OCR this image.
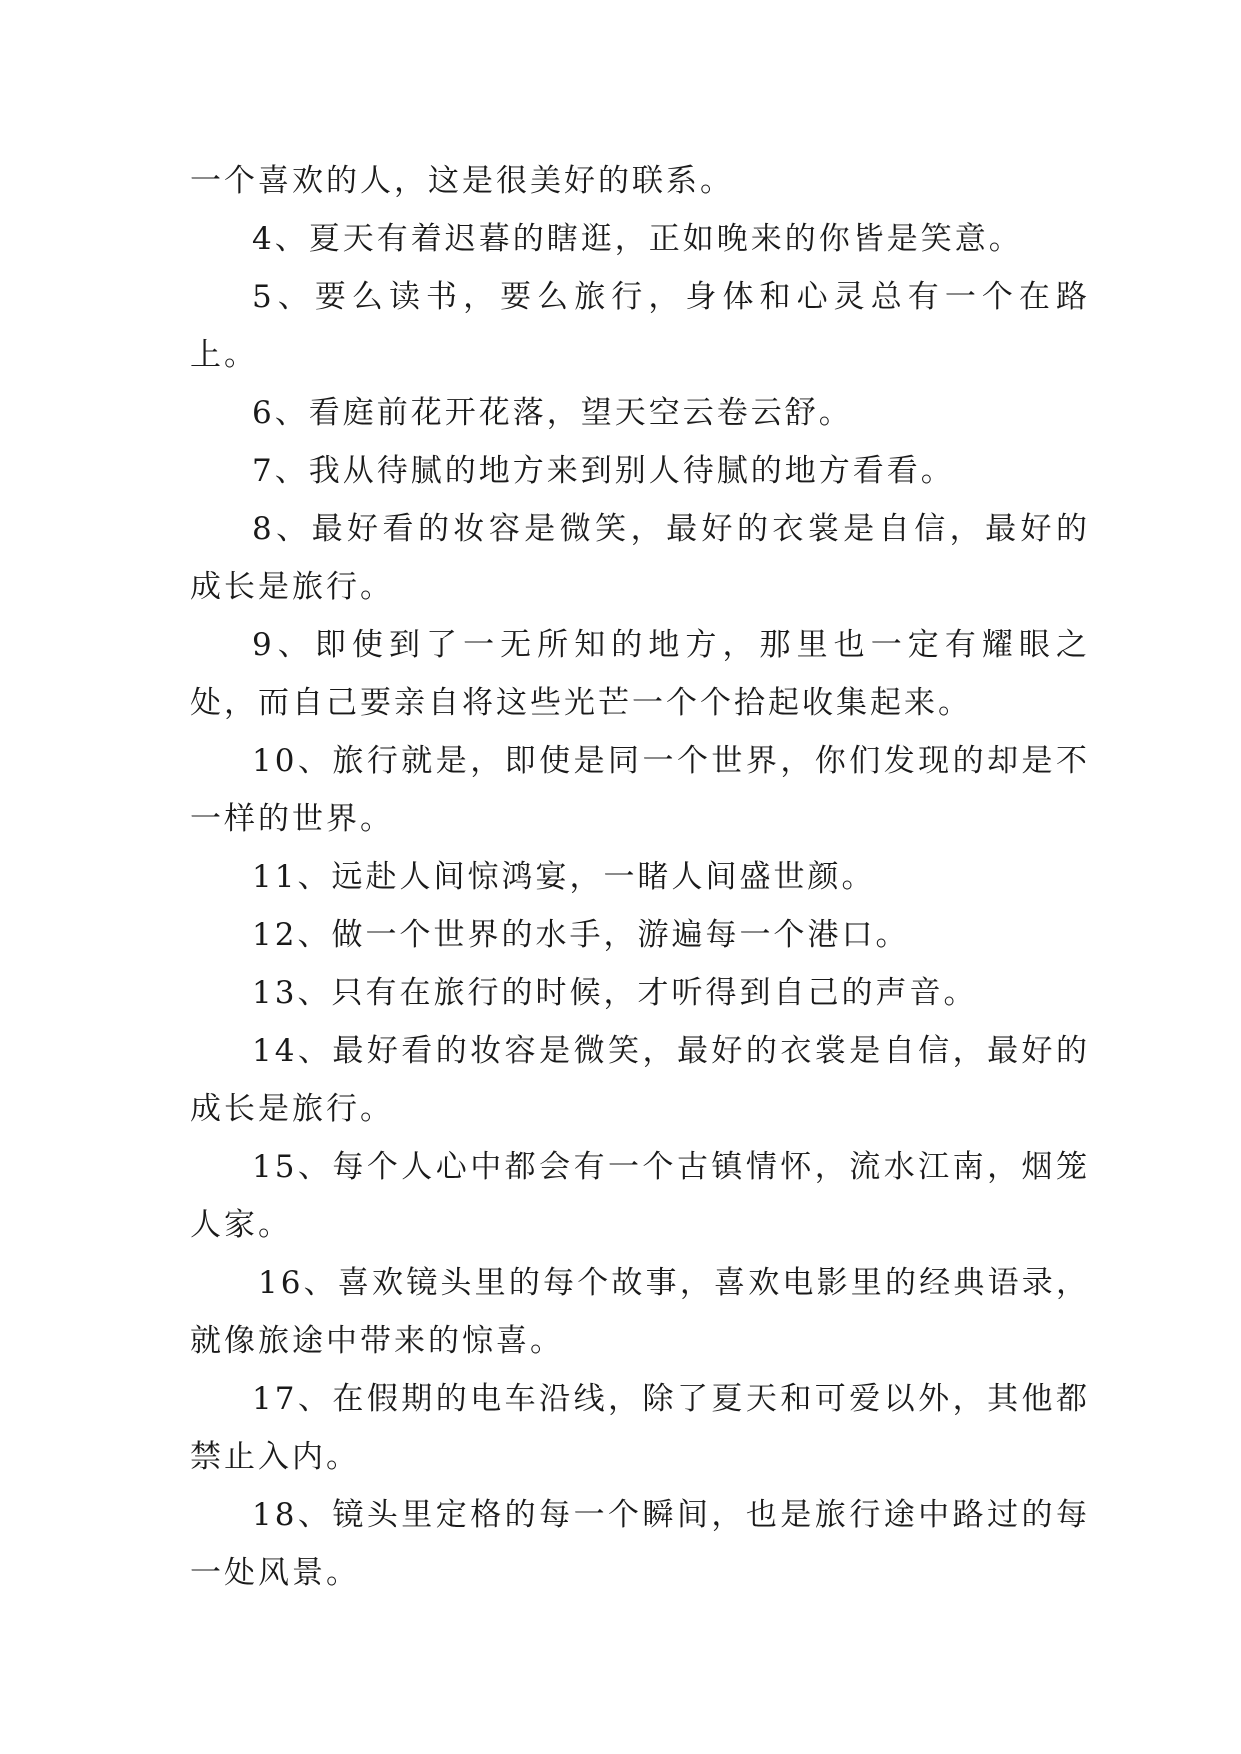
一个喜欢的人，这是很美好的联系。

4、夏天有着迟暮的瞎逛，正如晚来的你皆是笑意。

5、要么读书，要么旅行，身体和心灵总有一个在路上。

6、看庭前花开花落，望天空云卷云舒。

7、我从待腻的地方来到别人待腻的地方看看。

8、最好看的妆容是微笑，最好的衣裳是自信，最好的成长是旅行。

9、即使到了一无所知的地方，那里也一定有耀眼之处，而自己要亲自将这些光芒一个个拾起收集起来。

10、旅行就是，即使是同一个世界，你们发现的却是不一样的世界。

11、远赴人间惊鸿宴，一睹人间盛世颜。

12、做一个世界的水手，游遍每一个港口。

13、只有在旅行的时候，才听得到自己的声音。

14、最好看的妆容是微笑，最好的衣裳是自信，最好的成长是旅行。

15、每个人心中都会有一个古镇情怀，流水江南，烟笼人家。

16、喜欢镜头里的每个故事，喜欢电影里的经典语录，就像旅途中带来的惊喜。

17、在假期的电车沿线，除了夏天和可爱以外，其他都禁止入内。

18、镜头里定格的每一个瞬间，也是旅行途中路过的每一处风景。
